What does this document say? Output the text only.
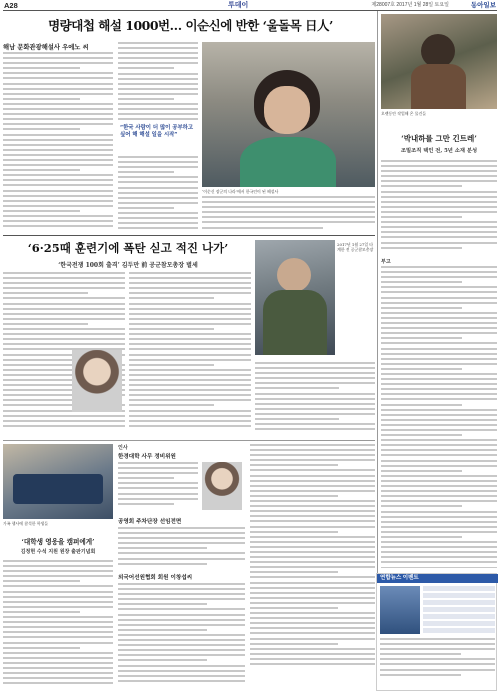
A28	투데이	제28007호 2017년 1월 28일 토요일	동아일보
명량대첩 해설 1000번… 이순신에 반한 ‘울돌목 日人’
해남 문화관광해설사 우에노 씨
“한국 사람이 더 많이 공부하고 싶어 해 해설 일을 시작”
‘이순신 장군의 나라’에서 한국인이 된 해설사
오랫동안 작업해 온 물건들
‘박내하를 그만 긴트레’
조밀조직 택인 전, 5년 소재 분성
‘6·25때 훈련기에 폭탄 싣고 적진 나가’
‘한국전쟁 100회 출격’ 김두만 前 공군참모총장 별세
2017년 1월 27일 타계한 전 공군참모총장
가족 행사에 참석한 학생들
‘대학생 영웅을 캠퍼에게’
김정현 수석 지원 원장 출판기념회
인사
한경대학 사무 정비위원
공영회 주차단장 선임전면
외국어선원협회 회원 이창섭씨
부고
연합뉴스 이벤트
